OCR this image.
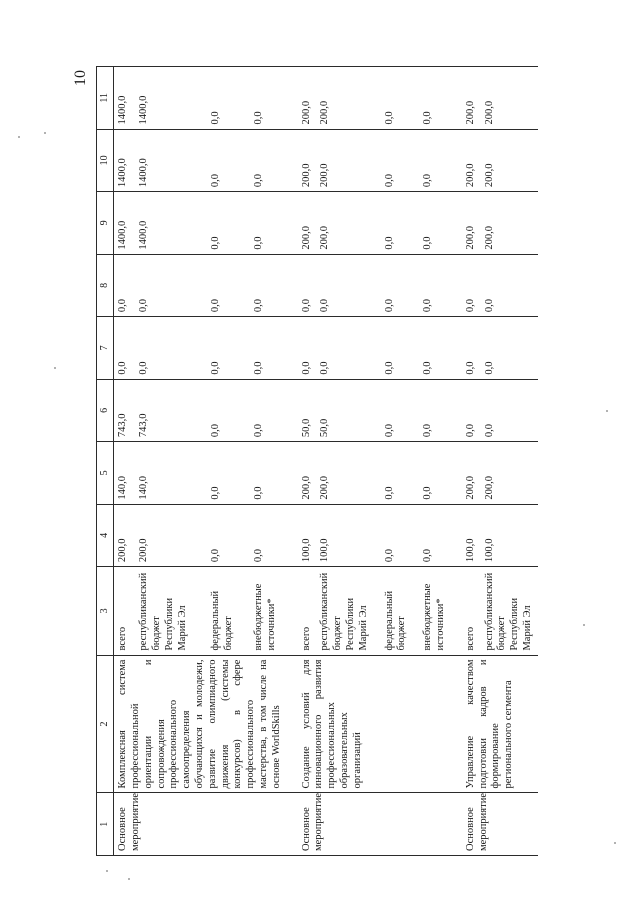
10
1	2	3	4	5	6	7	8	9	10	11
Основное мероприятие	Комплексная система профессиональной ориентации и сопровождения профессионального самоопределения обучающихся и молодежи, развитие олимпиадного движения (системы конкурсов) в сфере профессионального мастерства, в том числе на основе WorldSkills	всего	200,0	140,0	743,0	0,0	0,0	1400,0	1400,0	1400,0
		республиканский бюджет Республики Марий Эл	200,0	140,0	743,0	0,0	0,0	1400,0	1400,0	1400,0
		федеральный бюджет	0,0	0,0	0,0	0,0	0,0	0,0	0,0	0,0
		внебюджетные источники*	0,0	0,0	0,0	0,0	0,0	0,0	0,0	0,0
Основное мероприятие	Создание условий для инновационного развития профессиональных образовательных организаций	всего	100,0	200,0	50,0	0,0	0,0	200,0	200,0	200,0
		республиканский бюджет Республики Марий Эл	100,0	200,0	50,0	0,0	0,0	200,0	200,0	200,0
		федеральный бюджет	0,0	0,0	0,0	0,0	0,0	0,0	0,0	0,0
		внебюджетные источники*	0,0	0,0	0,0	0,0	0,0	0,0	0,0	0,0
Основное мероприятие	Управление качеством подготовки кадров и формирование регионального сегмента	всего	100,0	200,0	0,0	0,0	0,0	200,0	200,0	200,0
		республиканский бюджет Республики Марий Эл	100,0	200,0	0,0	0,0	0,0	200,0	200,0	200,0
